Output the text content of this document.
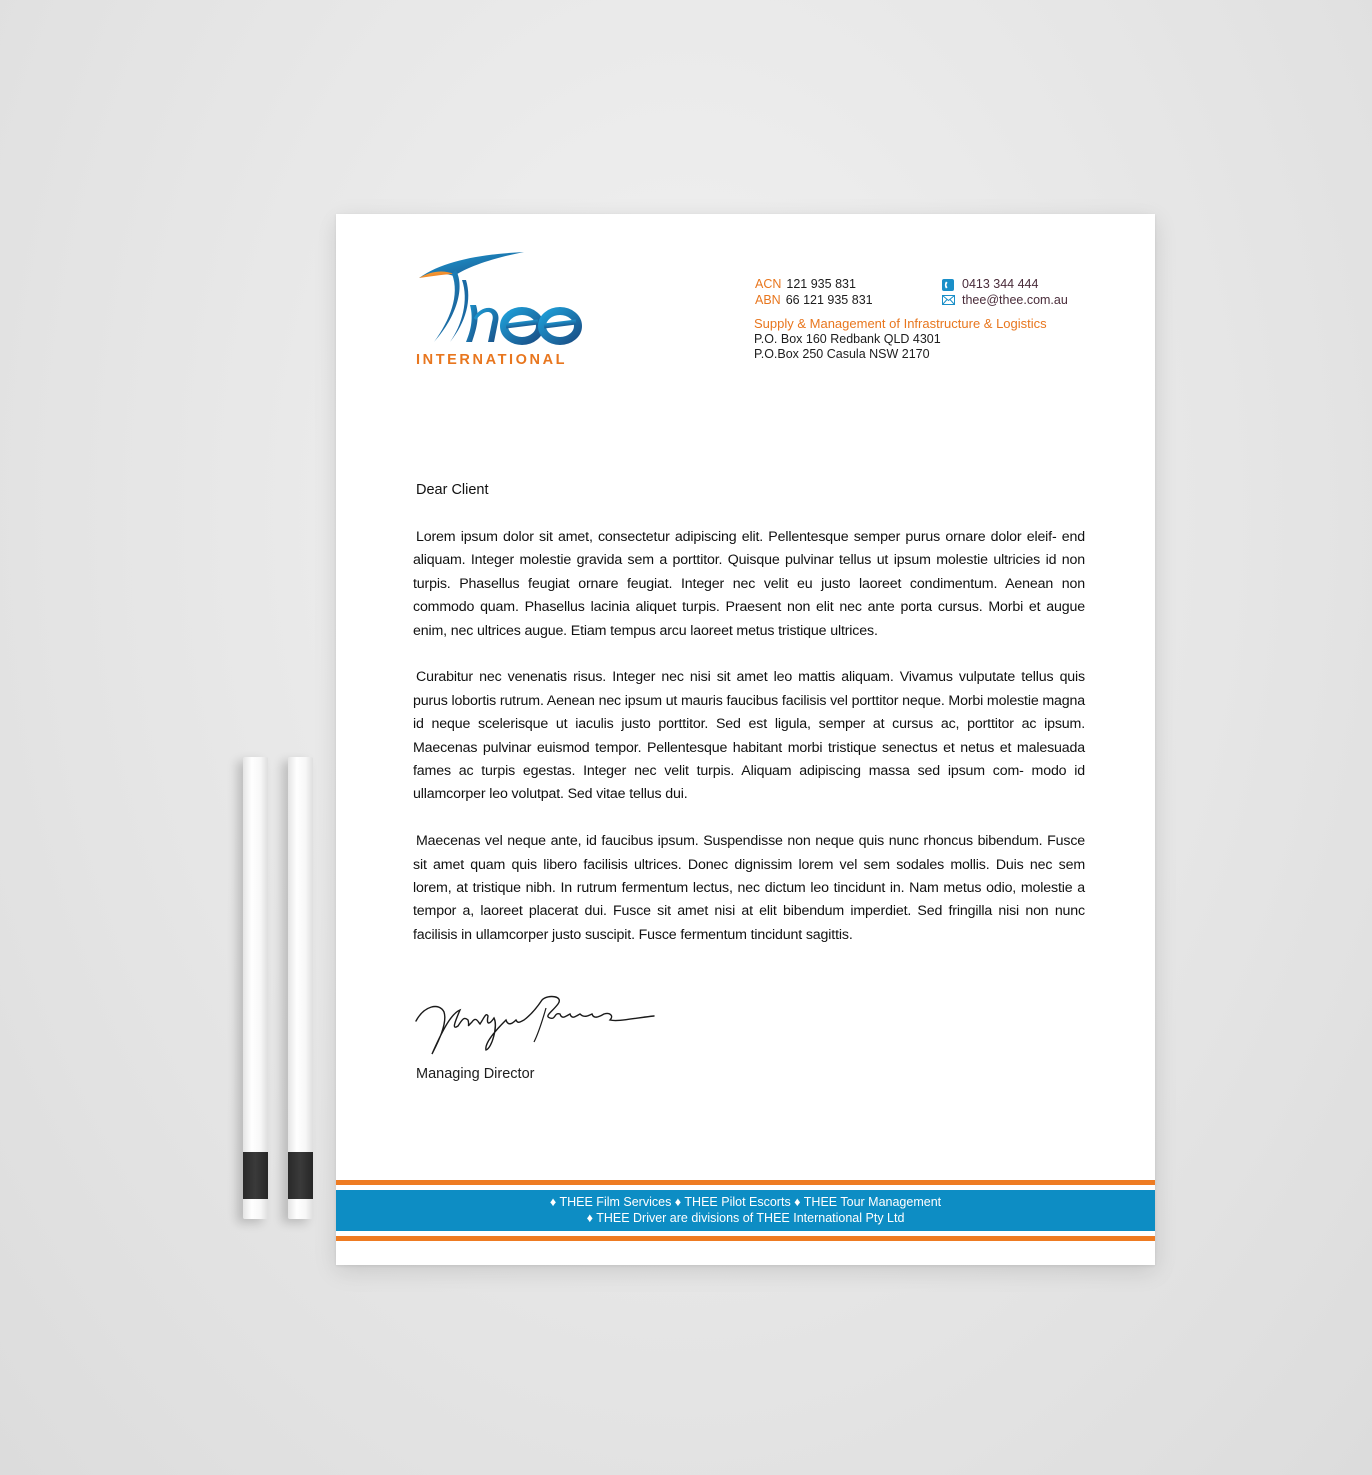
INTERNATIONAL
ACN 121 935 831
ABN 66 121 935 831
0413 344 444
thee@thee.com.au
Supply & Management of Infrastructure & Logistics
P.O. Box 160 Redbank QLD 4301
P.O.Box 250 Casula NSW 2170
Dear Client

Lorem ipsum dolor sit amet, consectetur adipiscing elit. Pellentesque semper purus ornare dolor eleif- end aliquam. Integer molestie gravida sem a porttitor. Quisque pulvinar tellus ut ipsum molestie ultricies id non turpis. Phasellus feugiat ornare feugiat. Integer nec velit eu justo laoreet condimentum. Aenean non commodo quam. Phasellus lacinia aliquet turpis. Praesent non elit nec ante porta cursus. Morbi et augue enim, nec ultrices augue. Etiam tempus arcu laoreet metus tristique ultrices.

Curabitur nec venenatis risus. Integer nec nisi sit amet leo mattis aliquam. Vivamus vulputate tellus quis purus lobortis rutrum. Aenean nec ipsum ut mauris faucibus facilisis vel porttitor neque. Morbi molestie magna id neque scelerisque ut iaculis justo porttitor. Sed est ligula, semper at cursus ac, porttitor ac ipsum. Maecenas pulvinar euismod tempor. Pellentesque habitant morbi tristique senectus et netus et malesuada fames ac turpis egestas. Integer nec velit turpis. Aliquam adipiscing massa sed ipsum com- modo id ullamcorper leo volutpat. Sed vitae tellus dui.

Maecenas vel neque ante, id faucibus ipsum. Suspendisse non neque quis nunc rhoncus bibendum. Fusce sit amet quam quis libero facilisis ultrices. Donec dignissim lorem vel sem sodales mollis. Duis nec sem lorem, at tristique nibh. In rutrum fermentum lectus, nec dictum leo tincidunt in. Nam metus odio, molestie a tempor a, laoreet placerat dui. Fusce sit amet nisi at elit bibendum imperdiet. Sed fringilla nisi non nunc facilisis in ullamcorper justo suscipit. Fusce fermentum tincidunt sagittis.

Managing Director
♦ THEE Film Services ♦ THEE Pilot Escorts ♦ THEE Tour Management
♦ THEE Driver are divisions of THEE International Pty Ltd
